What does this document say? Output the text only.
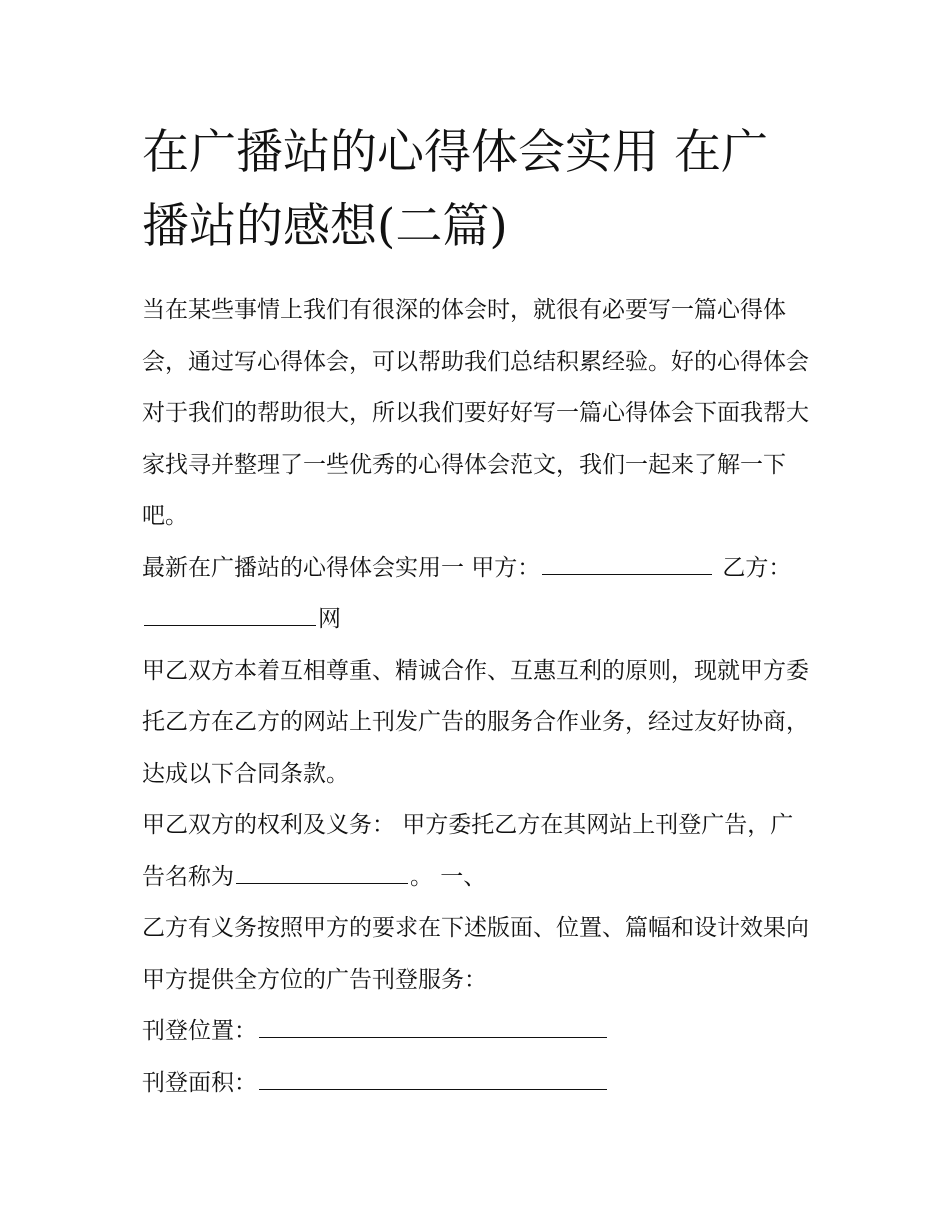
在广播站的心得体会实用 在广播站的感想(二篇)

当在某些事情上我们有很深的体会时，就很有必要写一篇心得体会，通过写心得体会，可以帮助我们总结积累经验。好的心得体会对于我们的帮助很大，所以我们要好好写一篇心得体会下面我帮大家找寻并整理了一些优秀的心得体会范文，我们一起来了解一下吧。

最新在广播站的心得体会实用一 甲方：	乙方：网

甲乙双方本着互相尊重、精诚合作、互惠互利的原则，现就甲方委托乙方在乙方的网站上刊发广告的服务合作业务，经过友好协商，达成以下合同条款。

甲乙双方的权利及义务： 甲方委托乙方在其网站上刊登广告，广告名称为	。 一、

乙方有义务按照甲方的要求在下述版面、位置、篇幅和设计效果向甲方提供全方位的广告刊登服务：

刊登位置：

刊登面积：
